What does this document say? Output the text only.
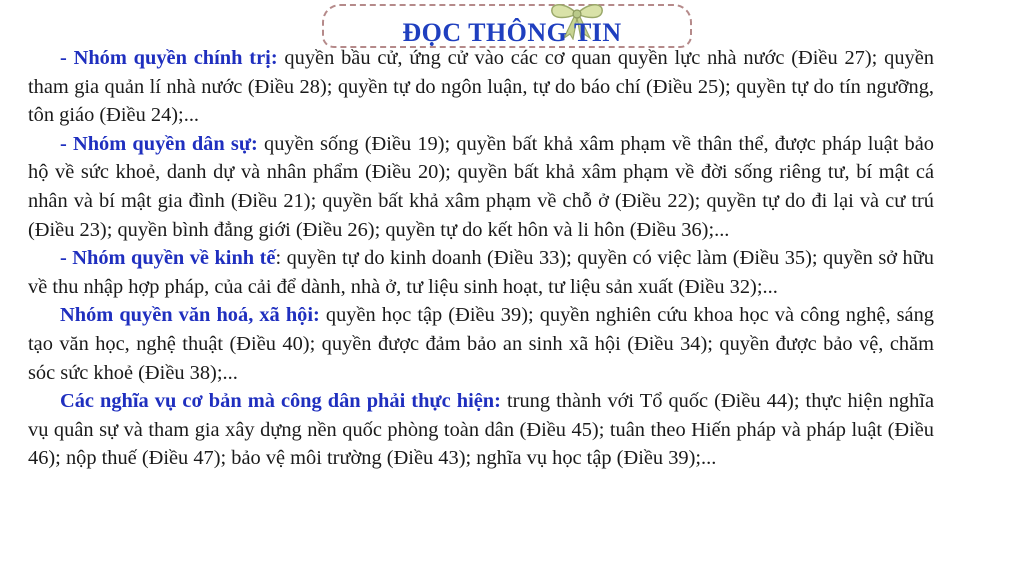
ĐỌC THÔNG TIN

- Nhóm quyền chính trị: quyền bầu cử, ứng cử vào các cơ quan quyền lực nhà nước (Điều 27); quyền tham gia quản lí nhà nước (Điều 28); quyền tự do ngôn luận, tự do báo chí (Điều 25); quyền tự do tín ngưỡng, tôn giáo (Điều 24);...

- Nhóm quyền dân sự: quyền sống (Điều 19); quyền bất khả xâm phạm về thân thể, được pháp luật bảo hộ về sức khoẻ, danh dự và nhân phẩm (Điều 20); quyền bất khả xâm phạm về đời sống riêng tư, bí mật cá nhân và bí mật gia đình (Điều 21); quyền bất khả xâm phạm về chỗ ở (Điều 22); quyền tự do đi lại và cư trú (Điều 23); quyền bình đẳng giới (Điều 26); quyền tự do kết hôn và li hôn (Điều 36);...

- Nhóm quyền về kinh tế: quyền tự do kinh doanh (Điều 33); quyền có việc làm (Điều 35); quyền sở hữu về thu nhập hợp pháp, của cải để dành, nhà ở, tư liệu sinh hoạt, tư liệu sản xuất (Điều 32);...

Nhóm quyền văn hoá, xã hội: quyền học tập (Điều 39); quyền nghiên cứu khoa học và công nghệ, sáng tạo văn học, nghệ thuật (Điều 40); quyền được đảm bảo an sinh xã hội (Điều 34); quyền được bảo vệ, chăm sóc sức khoẻ (Điều 38);...

Các nghĩa vụ cơ bản mà công dân phải thực hiện: trung thành với Tổ quốc (Điều 44); thực hiện nghĩa vụ quân sự và tham gia xây dựng nền quốc phòng toàn dân (Điều 45); tuân theo Hiến pháp và pháp luật (Điều 46); nộp thuế (Điều 47); bảo vệ môi trường (Điều 43); nghĩa vụ học tập (Điều 39);...
